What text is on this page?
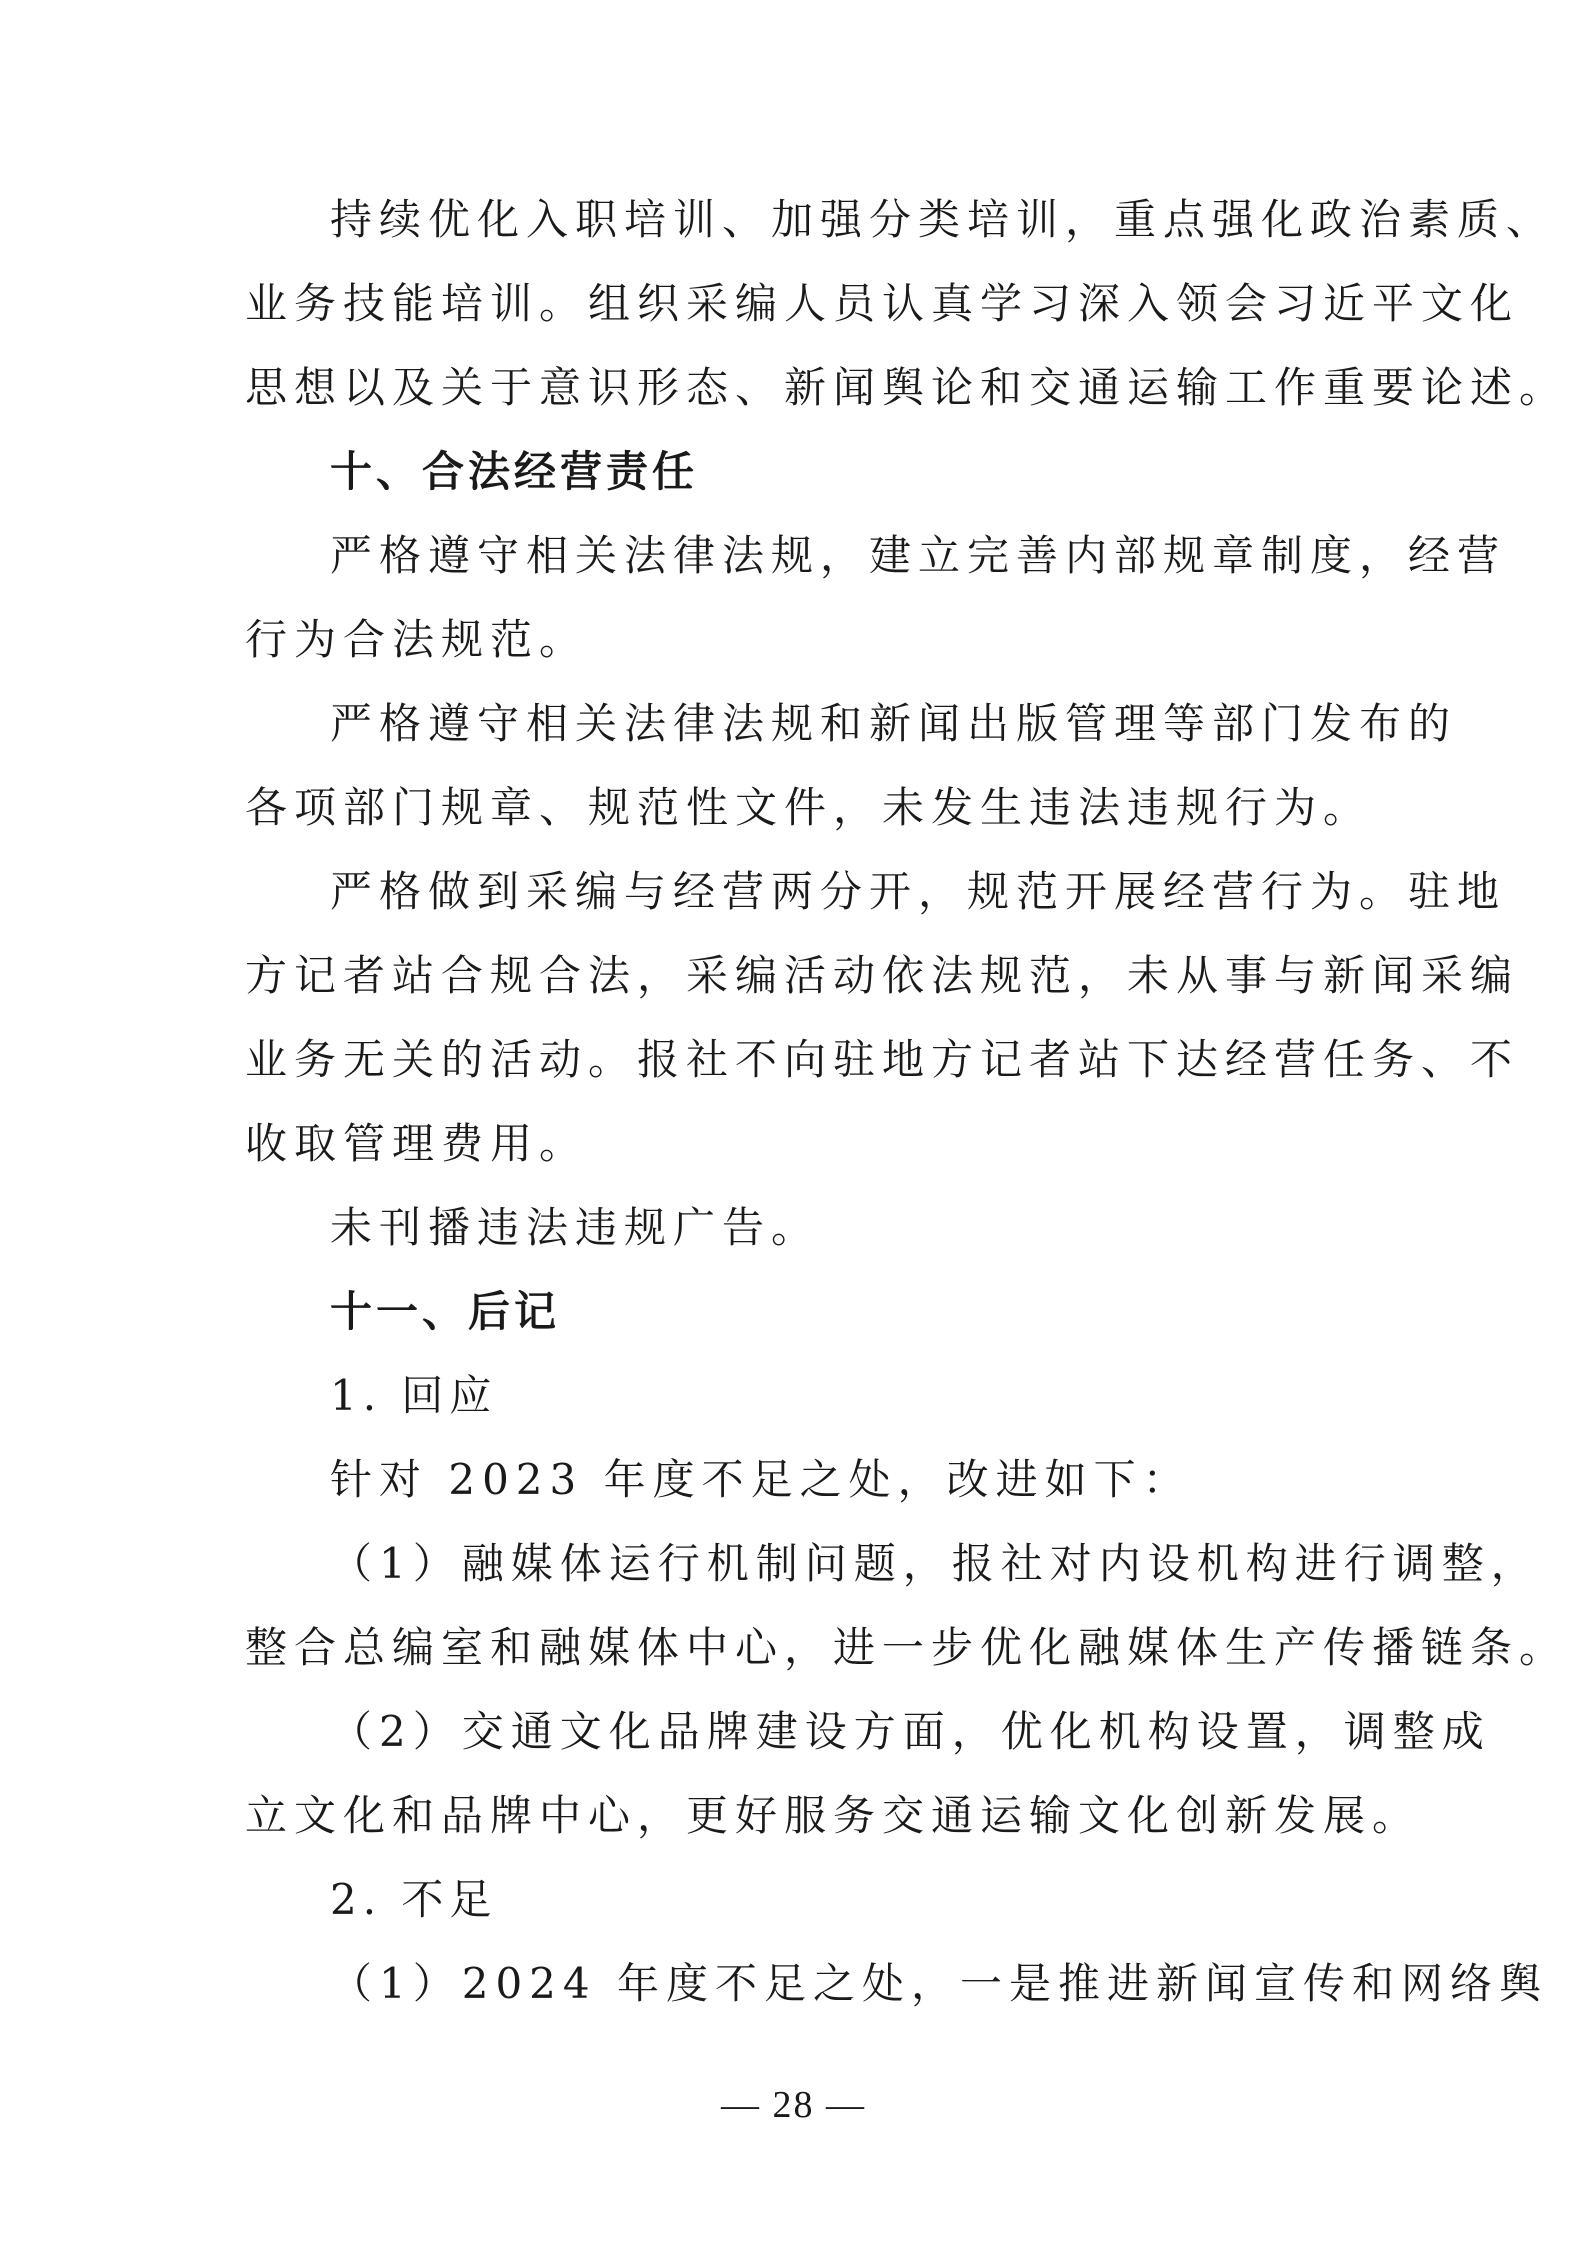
持续优化入职培训、加强分类培训，重点强化政治素质、
业务技能培训。组织采编人员认真学习深入领会习近平文化
思想以及关于意识形态、新闻舆论和交通运输工作重要论述。
十、合法经营责任
严格遵守相关法律法规，建立完善内部规章制度，经营
行为合法规范。
严格遵守相关法律法规和新闻出版管理等部门发布的
各项部门规章、规范性文件，未发生违法违规行为。
严格做到采编与经营两分开，规范开展经营行为。驻地
方记者站合规合法，采编活动依法规范，未从事与新闻采编
业务无关的活动。报社不向驻地方记者站下达经营任务、不
收取管理费用。
未刊播违法违规广告。
十一、后记
1. 回应
针对 2023 年度不足之处，改进如下：
（1）融媒体运行机制问题，报社对内设机构进行调整，
整合总编室和融媒体中心，进一步优化融媒体生产传播链条。
（2）交通文化品牌建设方面，优化机构设置，调整成
立文化和品牌中心，更好服务交通运输文化创新发展。
2. 不足
（1）2024 年度不足之处，一是推进新闻宣传和网络舆
— 28 —
